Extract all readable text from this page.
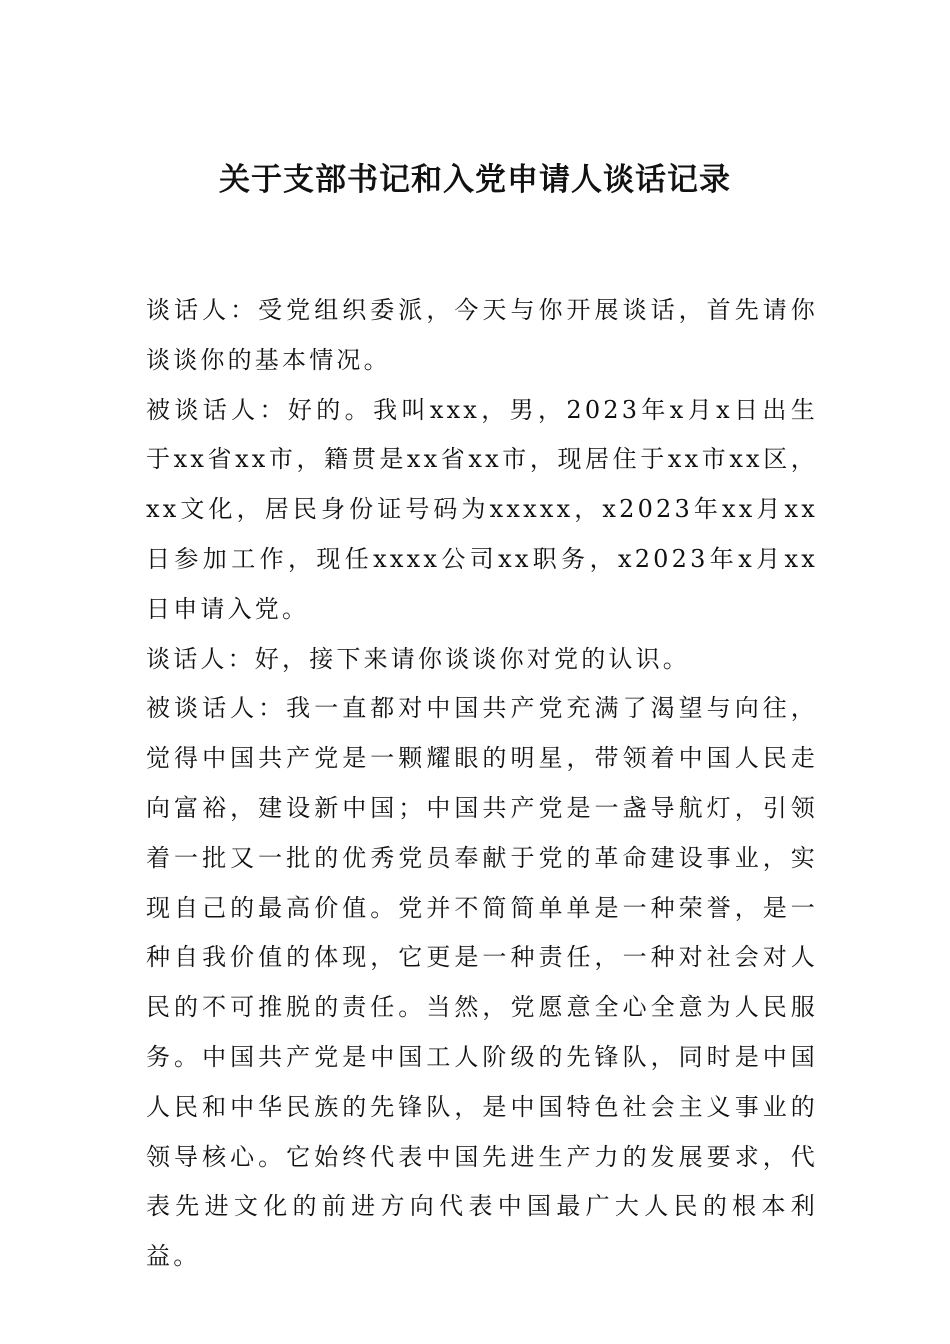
关于支部书记和入党申请人谈话记录

谈话人：受党组织委派，今天与你开展谈话，首先请你谈谈你的基本情况。

被谈话人：好的。我叫xxx，男，2023年x月x日出生于xx省xx市，籍贯是xx省xx市，现居住于xx市xx区，xx文化，居民身份证号码为xxxxx，x2023年xx月xx日参加工作，现任xxxx公司xx职务，x2023年x月xx日申请入党。

谈话人：好，接下来请你谈谈你对党的认识。

被谈话人：我一直都对中国共产党充满了渴望与向往，觉得中国共产党是一颗耀眼的明星，带领着中国人民走向富裕，建设新中国；中国共产党是一盏导航灯，引领着一批又一批的优秀党员奉献于党的革命建设事业，实现自己的最高价值。党并不简简单单是一种荣誉，是一种自我价值的体现，它更是一种责任，一种对社会对人民的不可推脱的责任。当然，党愿意全心全意为人民服务。中国共产党是中国工人阶级的先锋队，同时是中国人民和中华民族的先锋队，是中国特色社会主义事业的领导核心。它始终代表中国先进生产力的发展要求，代表先进文化的前进方向代表中国最广大人民的根本利益。
